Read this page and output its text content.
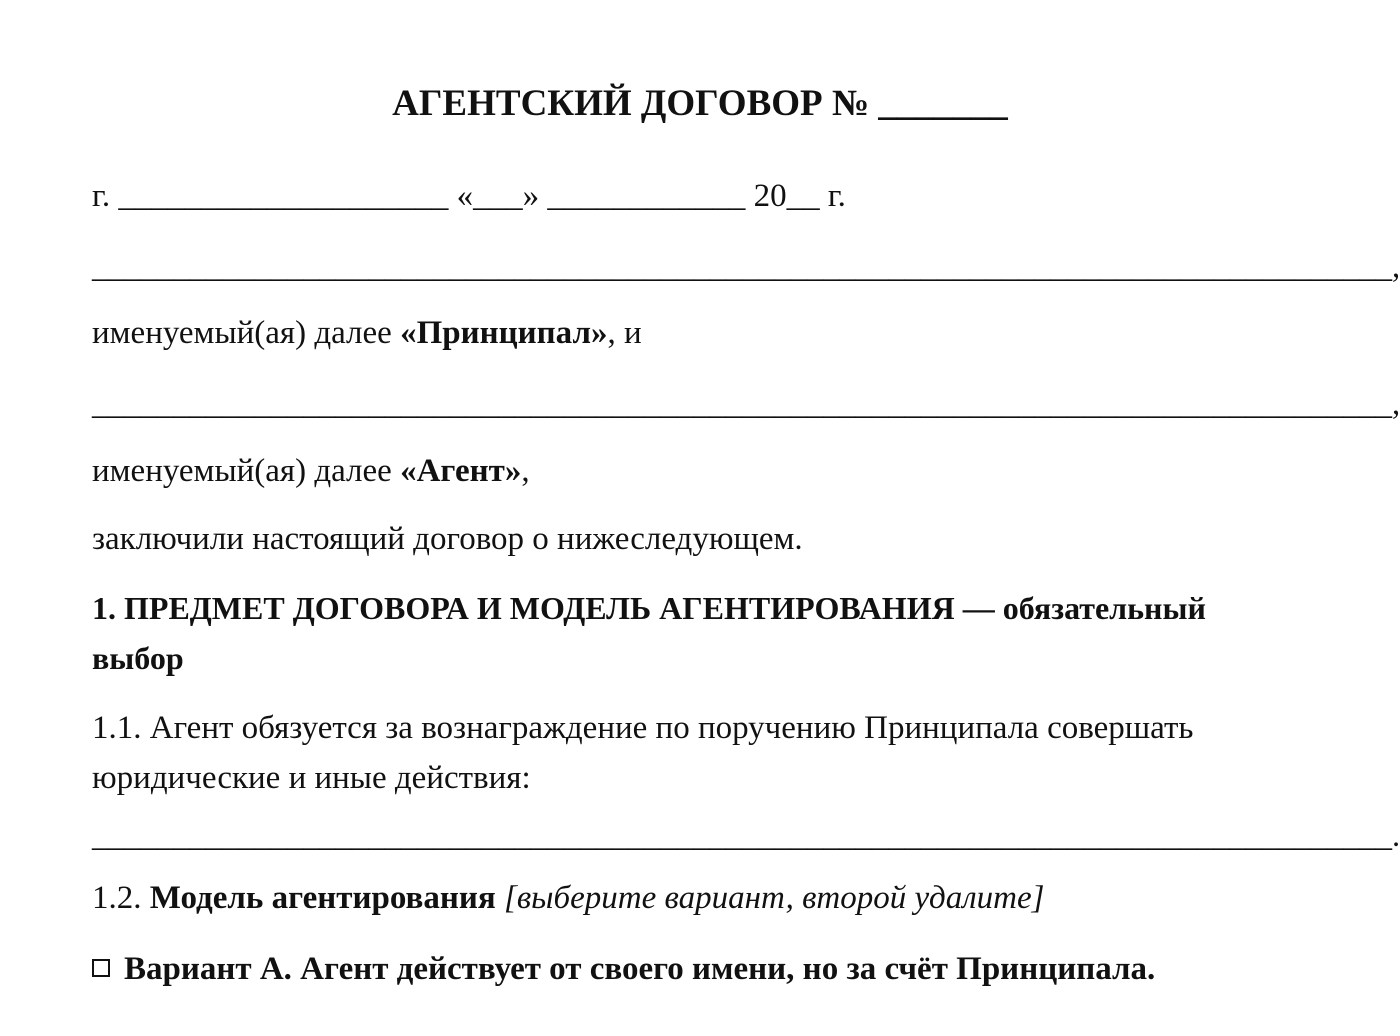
АГЕНТСКИЙ ДОГОВОР № _______
г. ____________________ «___» ____________ 20__ г.
________________________________________________________________________________,
именуемый(ая) далее «Принципал», и
________________________________________________________________________________,
именуемый(ая) далее «Агент»,
заключили настоящий договор о нижеследующем.
1. ПРЕДМЕТ ДОГОВОРА И МОДЕЛЬ АГЕНТИРОВАНИЯ — обязательный
выбор
1.1. Агент обязуется за вознаграждение по поручению Принципала совершать
юридические и иные действия:
________________________________________________________________________________.
1.2. Модель агентирования [выберите вариант, второй удалите]
Вариант А. Агент действует от своего имени, но за счёт Принципала.
